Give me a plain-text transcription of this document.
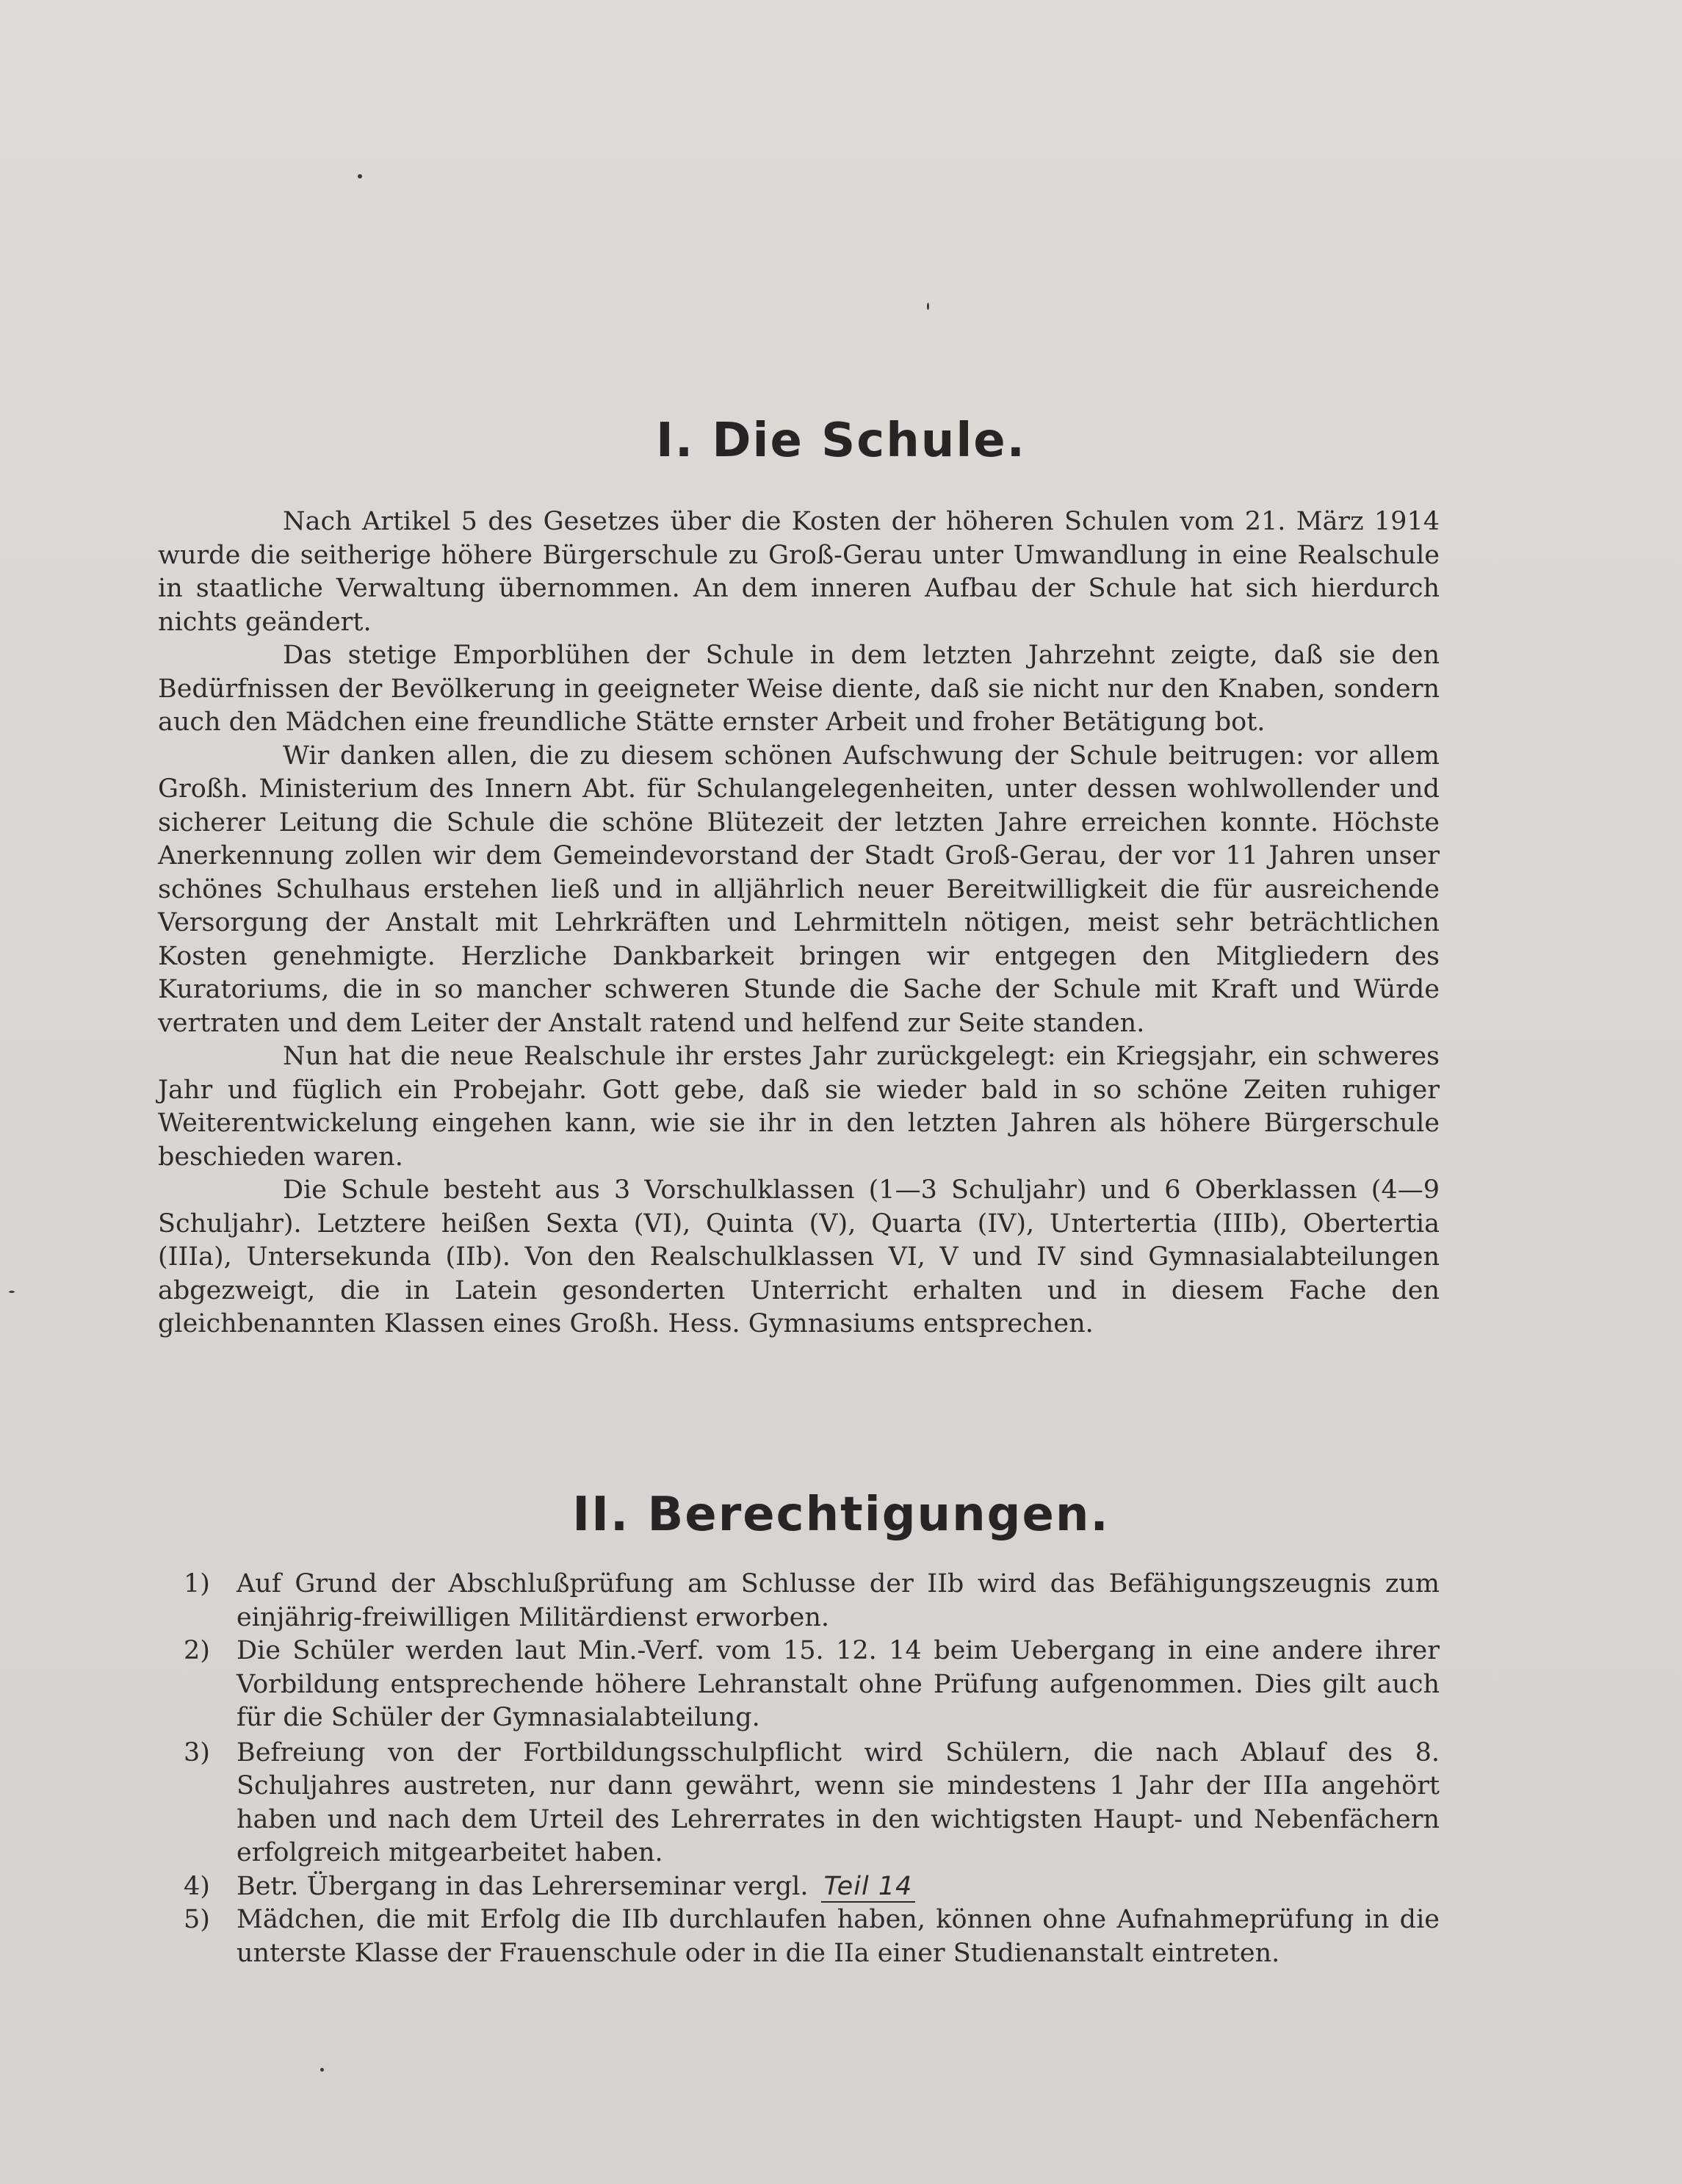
I. Die Schule.

Nach Artikel 5 des Gesetzes über die Kosten der höheren Schulen vom 21. März 1914 wurde die seitherige höhere Bürgerschule zu Groß-Gerau unter Umwandlung in eine Realschule in staatliche Verwaltung übernommen. An dem inneren Aufbau der Schule hat sich hierdurch nichts geändert.

Das stetige Emporblühen der Schule in dem letzten Jahrzehnt zeigte, daß sie den Bedürfnissen der Bevölkerung in geeigneter Weise diente, daß sie nicht nur den Knaben, sondern auch den Mädchen eine freundliche Stätte ernster Arbeit und froher Betätigung bot.

Wir danken allen, die zu diesem schönen Aufschwung der Schule beitrugen: vor allem Großh. Ministerium des Innern Abt. für Schulangelegenheiten, unter dessen wohlwollender und sicherer Leitung die Schule die schöne Blütezeit der letzten Jahre erreichen konnte. Höchste Anerkennung zollen wir dem Gemeindevorstand der Stadt Groß-Gerau, der vor 11 Jahren unser schönes Schulhaus erstehen ließ und in alljährlich neuer Bereitwilligkeit die für ausreichende Versorgung der Anstalt mit Lehrkräften und Lehrmitteln nötigen, meist sehr beträchtlichen Kosten genehmigte. Herzliche Dankbarkeit bringen wir entgegen den Mitgliedern des Kuratoriums, die in so mancher schweren Stunde die Sache der Schule mit Kraft und Würde vertraten und dem Leiter der Anstalt ratend und helfend zur Seite standen.

Nun hat die neue Realschule ihr erstes Jahr zurückgelegt: ein Kriegsjahr, ein schweres Jahr und füglich ein Probejahr. Gott gebe, daß sie wieder bald in so schöne Zeiten ruhiger Weiterentwickelung eingehen kann, wie sie ihr in den letzten Jahren als höhere Bürgerschule beschieden waren.

Die Schule besteht aus 3 Vorschulklassen (1—3 Schuljahr) und 6 Oberklassen (4—9 Schuljahr). Letztere heißen Sexta (VI), Quinta (V), Quarta (IV), Untertertia (IIIb), Obertertia (IIIa), Untersekunda (IIb). Von den Realschulklassen VI, V und IV sind Gymnasialabteilungen abgezweigt, die in Latein gesonderten Unterricht erhalten und in diesem Fache den gleichbenannten Klassen eines Großh. Hess. Gymnasiums entsprechen.

II. Berechtigungen.
1)	Auf Grund der Abschlußprüfung am Schlusse der IIb wird das Befähigungszeugnis zum einjährig-freiwilligen Militärdienst erworben.
2)	Die Schüler werden laut Min.-Verf. vom 15. 12. 14 beim Uebergang in eine andere ihrer Vorbildung entsprechende höhere Lehranstalt ohne Prüfung aufgenommen. Dies gilt auch für die Schüler der Gymnasialabteilung.
3)	Befreiung von der Fortbildungsschulpflicht wird Schülern, die nach Ablauf des 8. Schuljahres austreten, nur dann gewährt, wenn sie mindestens 1 Jahr der IIIa angehört haben und nach dem Urteil des Lehrerrates in den wichtigsten Haupt- und Nebenfächern erfolgreich mitgearbeitet haben.
4)	Betr. Übergang in das Lehrerseminar vergl. Teil 14
5)	Mädchen, die mit Erfolg die IIb durchlaufen haben, können ohne Aufnahmeprüfung in die unterste Klasse der Frauenschule oder in die IIa einer Studienanstalt eintreten.
